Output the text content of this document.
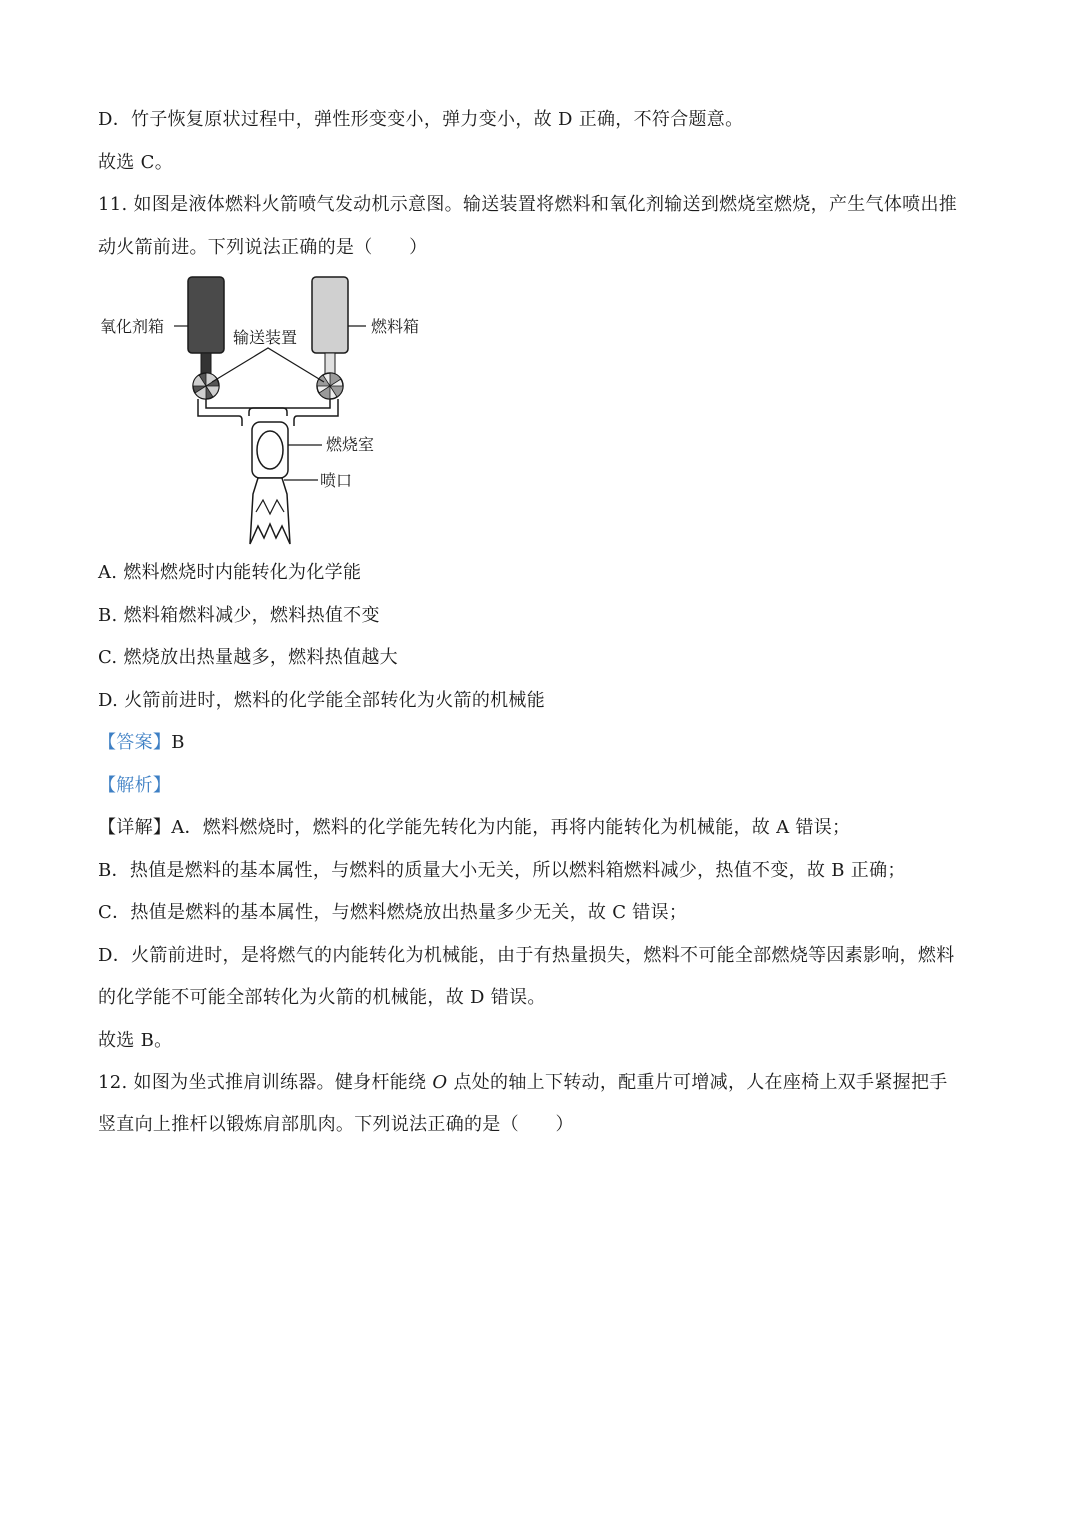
D．竹子恢复原状过程中，弹性形变变小，弹力变小，故 D 正确，不符合题意。
故选 C。
11. 如图是液体燃料火箭喷气发动机示意图。输送装置将燃料和氧化剂输送到燃烧室燃烧，产生气体喷出推
动火箭前进。下列说法正确的是（　　）
氧化剂箱
输送装置
燃料箱
燃烧室
喷口
A. 燃料燃烧时内能转化为化学能
B. 燃料箱燃料减少，燃料热值不变
C. 燃烧放出热量越多，燃料热值越大
D. 火箭前进时，燃料的化学能全部转化为火箭的机械能
【答案】B
【解析】
【详解】A．燃料燃烧时，燃料的化学能先转化为内能，再将内能转化为机械能，故 A 错误；
B．热值是燃料的基本属性，与燃料的质量大小无关，所以燃料箱燃料减少，热值不变，故 B 正确；
C．热值是燃料的基本属性，与燃料燃烧放出热量多少无关，故 C 错误；
D．火箭前进时，是将燃气的内能转化为机械能，由于有热量损失，燃料不可能全部燃烧等因素影响，燃料
的化学能不可能全部转化为火箭的机械能，故 D 错误。
故选 B。
12. 如图为坐式推肩训练器。健身杆能绕 O 点处的轴上下转动，配重片可增减，人在座椅上双手紧握把手
竖直向上推杆以锻炼肩部肌肉。下列说法正确的是（　　）
